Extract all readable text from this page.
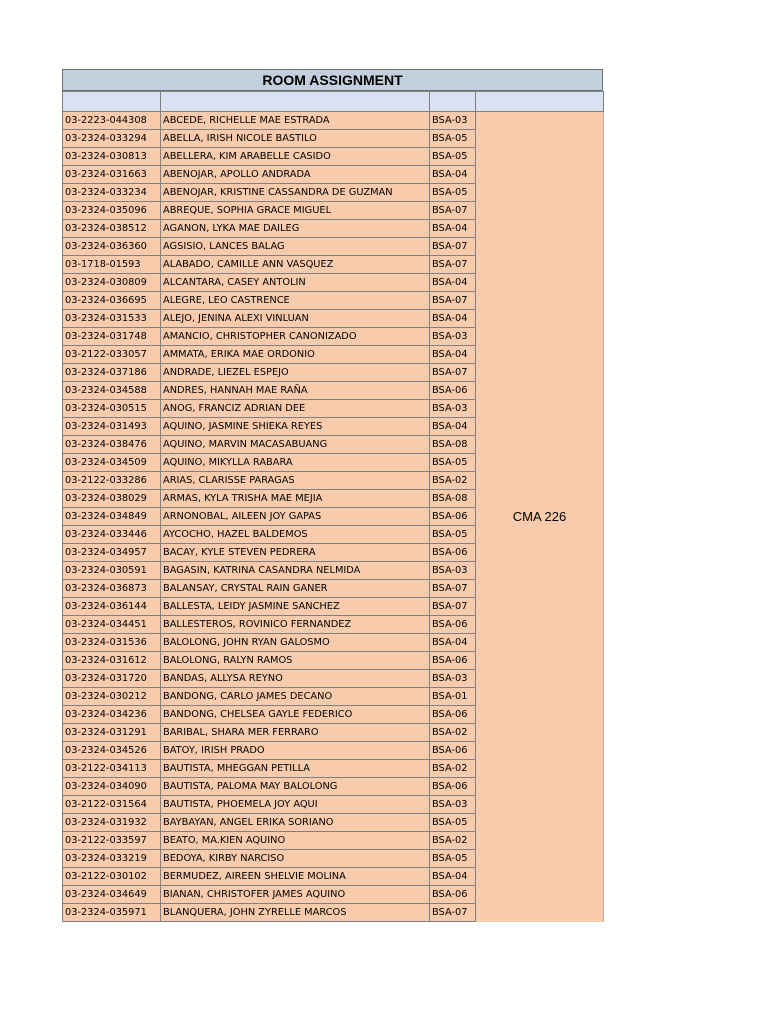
ROOM ASSIGNMENT

03-2223-044308	ABCEDE, RICHELLE MAE ESTRADA	BSA-03	CMA 226
03-2324-033294	ABELLA, IRISH NICOLE BASTILO	BSA-05	
03-2324-030813	ABELLERA, KIM ARABELLE CASIDO	BSA-05	
03-2324-031663	ABENOJAR, APOLLO ANDRADA	BSA-04	
03-2324-033234	ABENOJAR, KRISTINE CASSANDRA DE GUZMAN	BSA-05	
03-2324-035096	ABREQUE, SOPHIA GRACE MIGUEL	BSA-07	
03-2324-038512	AGANON, LYKA MAE DAILEG	BSA-04	
03-2324-036360	AGSISIO, LANCES BALAG	BSA-07	
03-1718-01593	ALABADO, CAMILLE ANN VASQUEZ	BSA-07	
03-2324-030809	ALCANTARA, CASEY ANTOLIN	BSA-04	
03-2324-036695	ALEGRE, LEO CASTRENCE	BSA-07	
03-2324-031533	ALEJO, JENINA ALEXI VINLUAN	BSA-04	
03-2324-031748	AMANCIO, CHRISTOPHER CANONIZADO	BSA-03	
03-2122-033057	AMMATA, ERIKA MAE ORDONIO	BSA-04	
03-2324-037186	ANDRADE, LIEZEL ESPEJO	BSA-07	
03-2324-034588	ANDRES, HANNAH MAE RAÑA	BSA-06	
03-2324-030515	ANOG, FRANCIZ ADRIAN DEE	BSA-03	
03-2324-031493	AQUINO, JASMINE SHIEKA REYES	BSA-04	
03-2324-038476	AQUINO, MARVIN MACASABUANG	BSA-08	
03-2324-034509	AQUINO, MIKYLLA RABARA	BSA-05	
03-2122-033286	ARIAS, CLARISSE PARAGAS	BSA-02	
03-2324-038029	ARMAS, KYLA TRISHA MAE MEJIA	BSA-08	
03-2324-034849	ARNONOBAL, AILEEN JOY GAPAS	BSA-06	
03-2324-033446	AYCOCHO, HAZEL BALDEMOS	BSA-05	
03-2324-034957	BACAY, KYLE STEVEN PEDRERA	BSA-06	
03-2324-030591	BAGASIN, KATRINA CASANDRA NELMIDA	BSA-03	
03-2324-036873	BALANSAY, CRYSTAL RAIN GANER	BSA-07	
03-2324-036144	BALLESTA, LEIDY JASMINE SANCHEZ	BSA-07	
03-2324-034451	BALLESTEROS, ROVINICO FERNANDEZ	BSA-06	
03-2324-031536	BALOLONG, JOHN RYAN GALOSMO	BSA-04	
03-2324-031612	BALOLONG, RALYN RAMOS	BSA-06	
03-2324-031720	BANDAS, ALLYSA REYNO	BSA-03	
03-2324-030212	BANDONG, CARLO JAMES DECANO	BSA-01	
03-2324-034236	BANDONG, CHELSEA GAYLE FEDERICO	BSA-06	
03-2324-031291	BARIBAL, SHARA MER FERRARO	BSA-02	
03-2324-034526	BATOY, IRISH PRADO	BSA-06	
03-2122-034113	BAUTISTA, MHEGGAN PETILLA	BSA-02	
03-2324-034090	BAUTISTA, PALOMA MAY BALOLONG	BSA-06	
03-2122-031564	BAUTISTA, PHOEMELA JOY AQUI	BSA-03	
03-2324-031932	BAYBAYAN, ANGEL ERIKA SORIANO	BSA-05	
03-2122-033597	BEATO, MA.KIEN AQUINO	BSA-02	
03-2324-033219	BEDOYA, KIRBY NARCISO	BSA-05	
03-2122-030102	BERMUDEZ, AIREEN SHELVIE MOLINA	BSA-04	
03-2324-034649	BIANAN, CHRISTOFER JAMES AQUINO	BSA-06	
03-2324-035971	BLANQUERA, JOHN ZYRELLE MARCOS	BSA-07	
